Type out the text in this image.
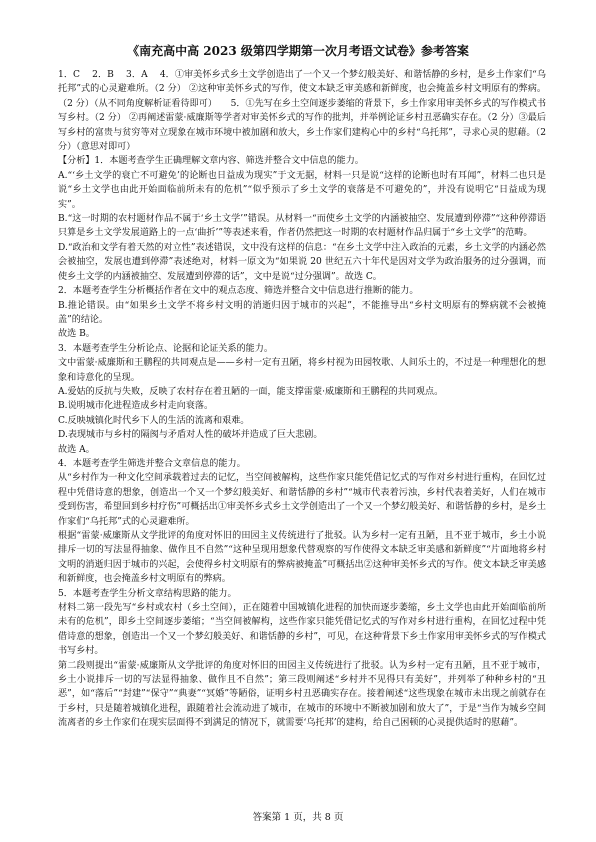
《南充高中高 2023 级第四学期第一次月考语文试卷》参考答案

1．C　 2．B　 3．A　 4．①审美怀乡式乡土文学创造出了一个又一个梦幻般美好、和谐恬静的乡村，是乡土作家们“乌托邦”式的心灵避难所。（2 分） ②这种审美怀乡式的写作，使文本缺乏审美感和新鲜度，也会掩盖乡村文明原有的弊病。（2 分）（从不同角度解析证看待即可）　　5．①先写在乡土空间逐步萎缩的背景下，乡土作家用审美怀乡式的写作模式书写乡村。（2 分） ②再阐述雷蒙·威廉斯等学者对审美怀乡式的写作的批判，并举例论证乡村丑恶确实存在。（2 分）③最后写乡村的富贵与贫穷等对立现象在城市环境中被加剧和放大，乡土作家们建构心中的乡村“乌托邦”，寻求心灵的慰藉。（2 分）（意思对即可）

【分析】1．本题考查学生正确理解文章内容、筛选并整合文中信息的能力。

A.“‘乡土文学的衰亡不可避免’的论断也日益成为现实”于文无据，材料一只是说“这样的论断也时有耳闻”，材料二也只是说“乡土文学也由此开始面临前所未有的危机”“似乎预示了乡土文学的衰落是不可避免的”，并没有说明它“日益成为现实”。

B.“这一时期的农村题材作品不属于‘乡土文学’”错误。从材料一“而使乡土文学的内涵被抽空、发展遭到停滞”“这种停滞语只算是乡土文学发展道路上的一点‘曲折’”等表述来看，作者仍然把这一时期的农村题材作品归属于“乡土文学”的范畴。

D.“政治和文学有着天然的对立性”表述错误，文中没有这样的信息：“在乡土文学中注入政治的元素，乡土文学的内涵必然会被抽空，发展也遭到停滞”表述绝对，材料一原文为“如果说 20 世纪五六十年代是因对文学为政治服务的过分强调，而使乡土文学的内涵被抽空、发展遭到停滞的话”，文中是说“过分强调”。故选 C。

2．本题考查学生分析概括作者在文中的观点态度、筛选并整合文中信息进行推断的能力。

B.推论错误。由“如果乡土文学不将乡村文明的消逝归因于城市的兴起”，不能推导出“乡村文明原有的弊病就不会被掩盖”的结论。

故选 B。

3．本题考查学生分析论点、论据和论证关系的能力。

文中雷蒙·威廉斯和王鹏程的共同观点是——乡村一定有丑陋，将乡村视为田园牧歌、人间乐土的，不过是一种理想化的想象和诗意化的呈现。

A.爱姑的反抗与失败，反映了农村存在着丑陋的一面，能支撑雷蒙·威廉斯和王鹏程的共同观点。

B.说明城市化进程造成乡村走向衰落。

C.反映城镇化时代乡下人的生活的流离和艰难。

D.表现城市与乡村的隔阂与矛盾对人性的破坏并造成了巨大悲剧。

故选 A。

4．本题考查学生筛选并整合文章信息的能力。

从“乡村作为一种文化空间承载着过去的记忆，当空间被解构，这些作家只能凭借记忆式的写作对乡村进行重构，在回忆过程中凭借诗意的想象，创造出一个又一个梦幻般美好、和谐恬静的乡村”“城市代表着污浊，乡村代表着美好，人们在城市受到伤害，希望回到乡村疗伤”可概括出①审美怀乡式乡土文学创造出了一个又一个梦幻般美好、和谐恬静的乡村，是乡土作家们“乌托邦”式的心灵避难所。

根据“雷蒙·威廉斯从文学批评的角度对怀旧的田园主义传统进行了批驳。认为乡村一定有丑陋，且不亚于城市，乡土小说排斥一切的写法显得抽象、做作且不自然”“这种呈现用想象代替观察的写作使得文本缺乏审美感和新鲜度”“片面地将乡村文明的消逝归因于城市的兴起，会使得乡村文明原有的弊病被掩盖”可概括出②这种审美怀乡式的写作。使文本缺乏审美感和新鲜度，也会掩盖乡村文明原有的弊病。

5．本题考查学生分析文章结构思路的能力。

材料二第一段先写“乡村或农村（乡土空间），正在随着中国城镇化进程的加快而逐步萎缩，乡土文学也由此开始面临前所未有的危机”，即乡土空间逐步萎缩；“当空间被解构，这些作家只能凭借记忆式的写作对乡村进行重构，在回忆过程中凭借诗意的想象，创造出一个又一个梦幻般美好、和谐恬静的乡村”，可见，在这种背景下乡土作家用审美怀乡式的写作模式书写乡村。

第二段则提出“雷蒙·威廉斯从文学批评的角度对怀旧的田园主义传统进行了批驳。认为乡村一定有丑陋，且不亚于城市，乡土小说排斥一切的写法显得抽象、做作且不自然”；第三段则阐述“乡村并不见得只有美好”，并列举了种种乡村的“丑恶”，如“落后”“封建”“保守”“典妻”“冥婚”等陋俗，证明乡村丑恶确实存在。接着阐述“这些现象在城市未出现之前就存在于乡村，只是随着城镇化进程，跟随着社会流动进了城市，在城市的环境中不断被加剧和放大了”，于是“当作为城乡空间流离者的乡土作家们在现实层面得不到满足的情况下，就需要‘乌托邦’的建构，给自己困顿的心灵提供适时的慰藉”。

答案第 1 页，共 8 页
